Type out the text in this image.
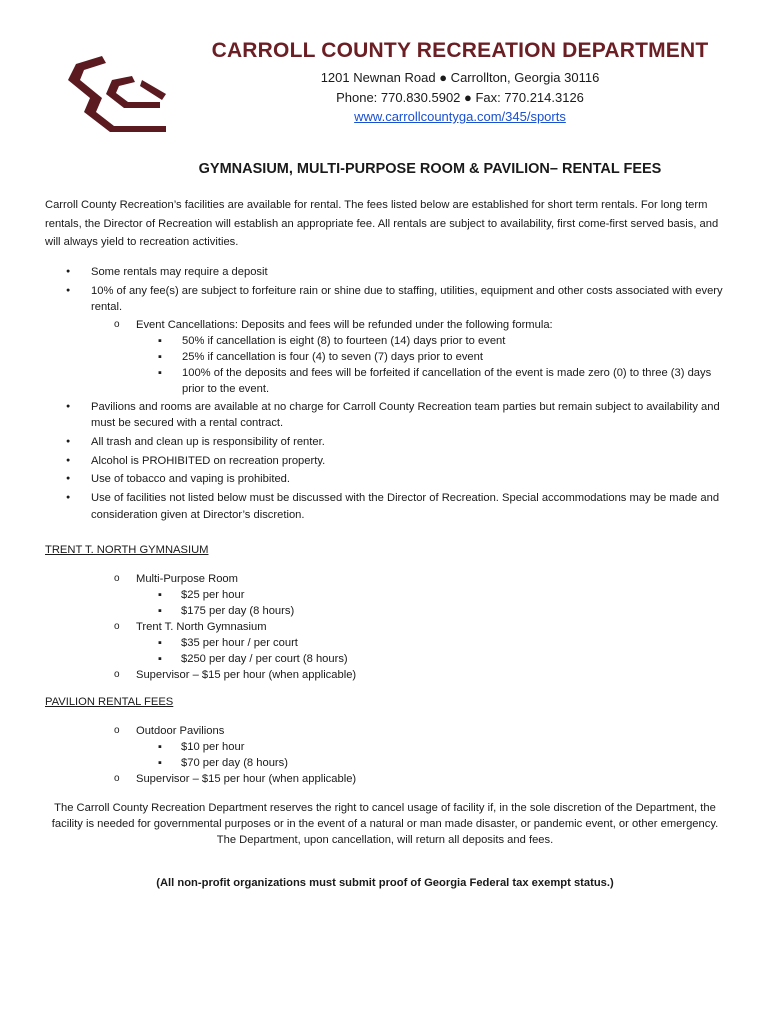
CARROLL COUNTY RECREATION DEPARTMENT
1201 Newnan Road ● Carrollton, Georgia 30116
Phone: 770.830.5902 ● Fax: 770.214.3126
www.carrollcountyga.com/345/sports
GYMNASIUM, MULTI-PURPOSE ROOM & PAVILION– RENTAL FEES
Carroll County Recreation’s facilities are available for rental. The fees listed below are established for short term rentals. For long term rentals, the Director of Recreation will establish an appropriate fee. All rentals are subject to availability, first come-first served basis, and will always yield to recreation activities.
● Some rentals may require a deposit
● 10% of any fee(s) are subject to forfeiture rain or shine due to staffing, utilities, equipment and other costs associated with every rental.
o Event Cancellations: Deposits and fees will be refunded under the following formula:
▪ 50% if cancellation is eight (8) to fourteen (14) days prior to event
▪ 25% if cancellation is four (4) to seven (7) days prior to event
▪ 100% of the deposits and fees will be forfeited if cancellation of the event is made zero (0) to three (3) days prior to the event.
● Pavilions and rooms are available at no charge for Carroll County Recreation team parties but remain subject to availability and must be secured with a rental contract.
● All trash and clean up is responsibility of renter.
● Alcohol is PROHIBITED on recreation property.
● Use of tobacco and vaping is prohibited.
● Use of facilities not listed below must be discussed with the Director of Recreation. Special accommodations may be made and consideration given at Director’s discretion.
TRENT T. NORTH GYMNASIUM
o Multi-Purpose Room
▪ $25 per hour
▪ $175 per day (8 hours)
o Trent T. North Gymnasium
▪ $35 per hour / per court
▪ $250 per day / per court (8 hours)
o Supervisor – $15 per hour (when applicable)
PAVILION RENTAL FEES
o Outdoor Pavilions
▪ $10 per hour
▪ $70 per day (8 hours)
o Supervisor – $15 per hour (when applicable)
The Carroll County Recreation Department reserves the right to cancel usage of facility if, in the sole discretion of the Department, the facility is needed for governmental purposes or in the event of a natural or man made disaster, or pandemic event, or other emergency. The Department, upon cancellation, will return all deposits and fees.
(All non-profit organizations must submit proof of Georgia Federal tax exempt status.)
